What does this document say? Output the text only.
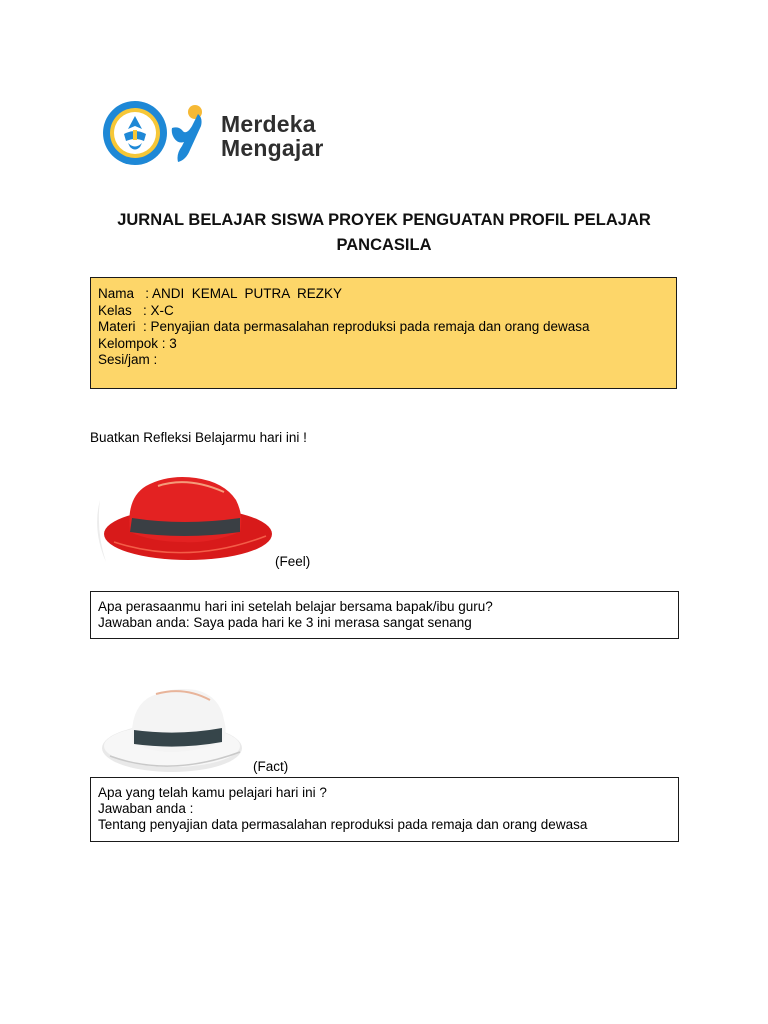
Merdeka
Mengajar
JURNAL BELAJAR SISWA PROYEK PENGUATAN PROFIL PELAJAR
PANCASILA
Nama   : ANDI  KEMAL  PUTRA  REZKY
Kelas   : X-C
Materi  : Penyajian data permasalahan reproduksi pada remaja dan orang dewasa
Kelompok : 3
Sesi/jam :
Buatkan Refleksi Belajarmu hari ini !
(Feel)
Apa perasaanmu hari ini setelah belajar bersama bapak/ibu guru?
Jawaban anda: Saya pada hari ke 3 ini merasa sangat senang
(Fact)
Apa yang telah kamu pelajari hari ini ?
Jawaban anda :
Tentang penyajian data permasalahan reproduksi pada remaja dan orang dewasa
